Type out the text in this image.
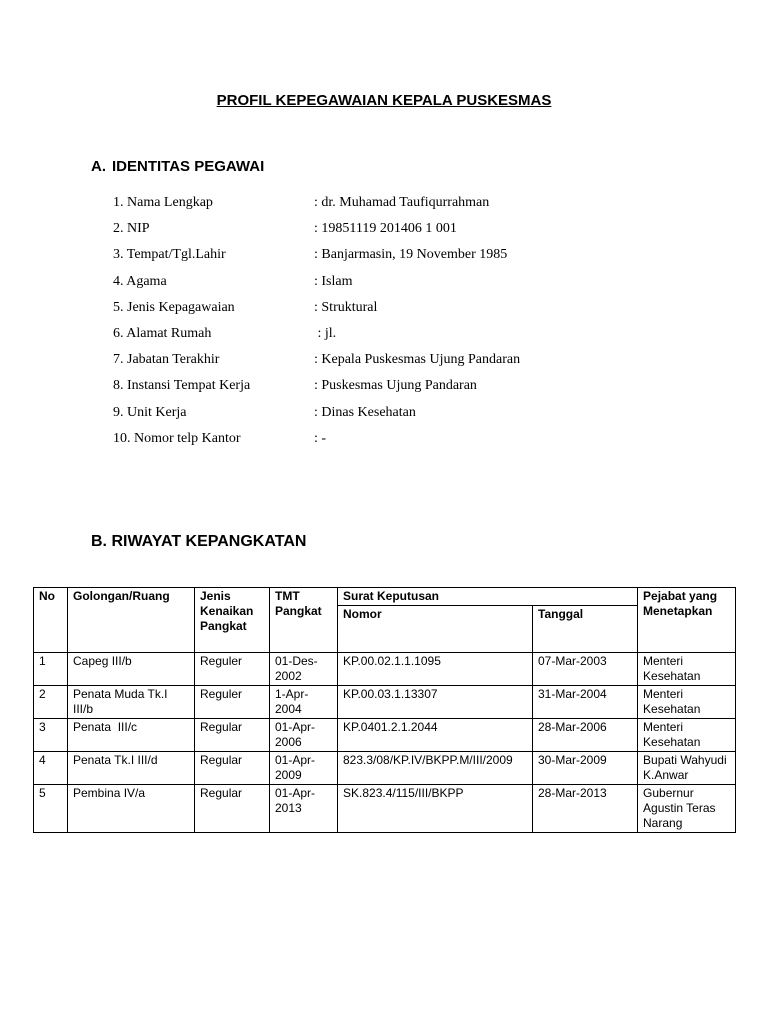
PROFIL KEPEGAWAIAN KEPALA PUSKESMAS
A. IDENTITAS PEGAWAI
1. Nama Lengkap	: dr. Muhamad Taufiqurrahman
2. NIP	: 19851119 201406 1 001
3. Tempat/Tgl.Lahir	: Banjarmasin, 19 November 1985
4. Agama	: Islam
5. Jenis Kepagawaian	: Struktural
6. Alamat Rumah	: jl.
7. Jabatan Terakhir	: Kepala Puskesmas Ujung Pandaran
8. Instansi Tempat Kerja	: Puskesmas Ujung Pandaran
9. Unit Kerja	: Dinas Kesehatan
10. Nomor telp Kantor	: -
B. RIWAYAT KEPANGKATAN
No	Golongan/Ruang	Jenis Kenaikan Pangkat	TMT Pangkat	Surat Keputusan		Pejabat yang Menetapkan
				Nomor	Tanggal	
1	Capeg III/b	Reguler	01-Des-2002	KP.00.02.1.1.1095	07-Mar-2003	Menteri Kesehatan
2	Penata Muda Tk.I III/b	Reguler	1-Apr-2004	KP.00.03.1.13307	31-Mar-2004	Menteri Kesehatan
3	Penata  III/c	Regular	01-Apr-2006	KP.0401.2.1.2044	28-Mar-2006	Menteri Kesehatan
4	Penata Tk.I III/d	Regular	01-Apr-2009	823.3/08/KP.IV/BKPP.M/III/2009	30-Mar-2009	Bupati Wahyudi K.Anwar
5	Pembina IV/a	Regular	01-Apr-2013	SK.823.4/115/III/BKPP	28-Mar-2013	Gubernur Agustin Teras Narang
